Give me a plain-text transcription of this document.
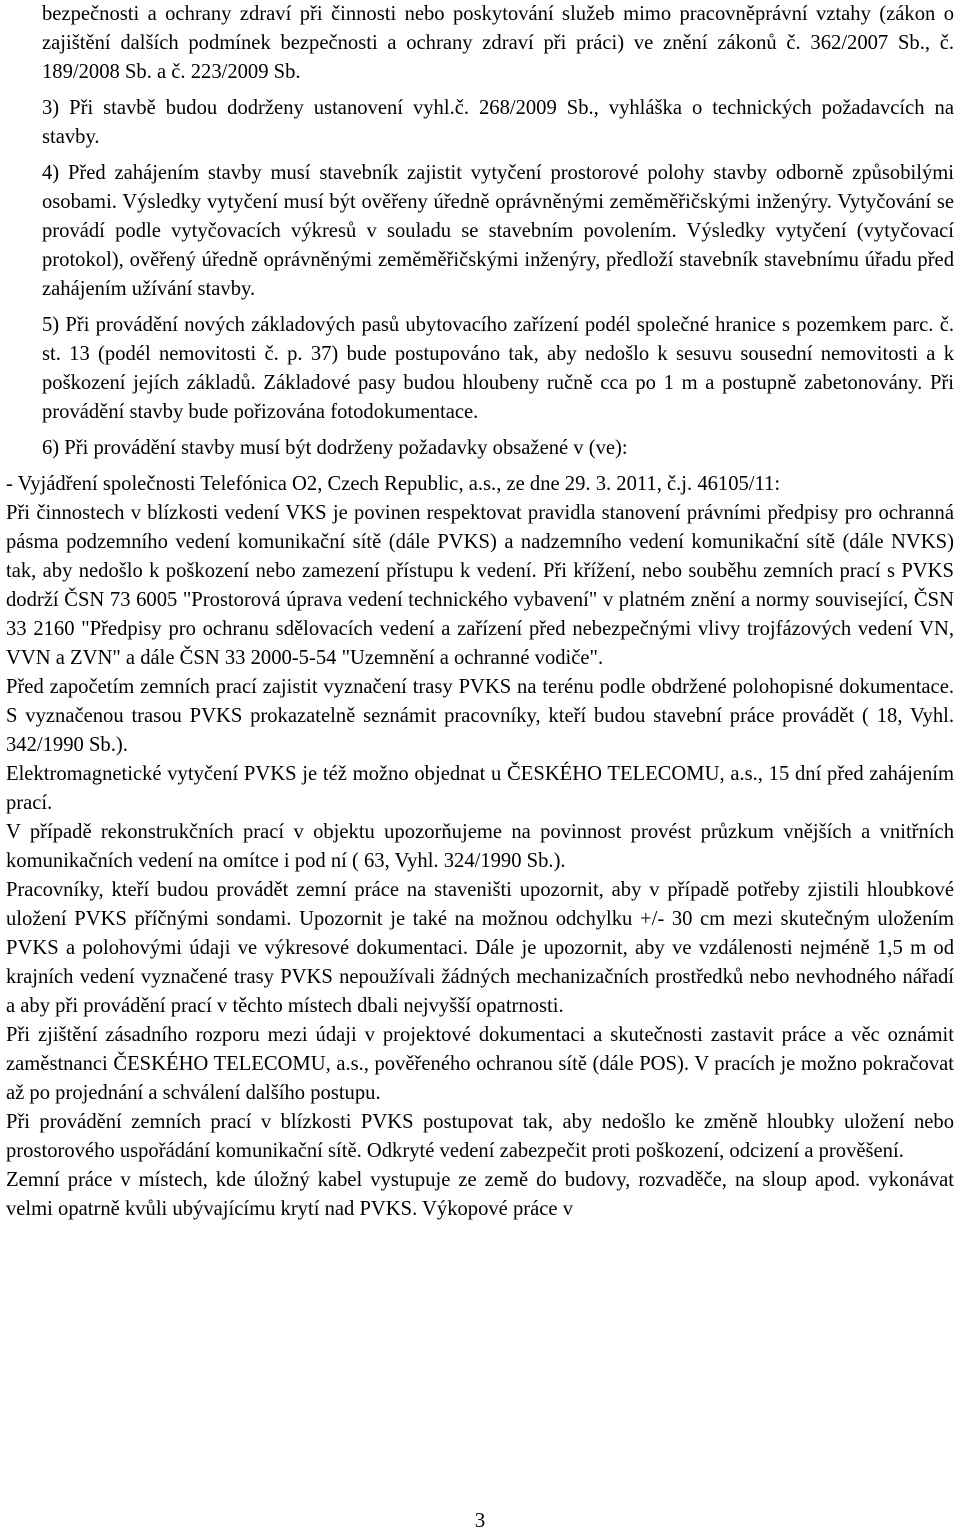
bezpečnosti a ochrany zdraví při činnosti nebo poskytování služeb mimo pracovněprávní vztahy (zákon o zajištění dalších podmínek bezpečnosti a ochrany zdraví při práci) ve znění zákonů č. 362/2007 Sb., č. 189/2008 Sb. a č. 223/2009 Sb.

3) Při stavbě budou dodrženy ustanovení vyhl.č. 268/2009 Sb., vyhláška o technických požadavcích na stavby.

4) Před zahájením stavby musí stavebník zajistit vytyčení prostorové polohy stavby odborně způsobilými osobami. Výsledky vytyčení musí být ověřeny úředně oprávněnými zeměměřičskými inženýry. Vytyčování se provádí podle vytyčovacích výkresů v souladu se stavebním povolením. Výsledky vytyčení (vytyčovací protokol), ověřený úředně oprávněnými zeměměřičskými inženýry, předloží stavebník stavebnímu úřadu před zahájením užívání stavby.

5) Při provádění nových základových pasů ubytovacího zařízení podél společné hranice s pozemkem parc. č. st. 13 (podél nemovitosti č. p. 37) bude postupováno tak, aby nedošlo k sesuvu sousední nemovitosti a k poškození jejích základů. Základové pasy budou hloubeny ručně cca po 1 m a postupně zabetonovány. Při provádění stavby bude pořizována fotodokumentace.

6) Při provádění stavby musí být dodrženy požadavky obsažené v (ve):

- Vyjádření společnosti Telefónica O2, Czech Republic, a.s., ze dne 29. 3. 2011, č.j. 46105/11:

Při činnostech v blízkosti vedení VKS je povinen respektovat pravidla stanovení právními předpisy pro ochranná pásma podzemního vedení komunikační sítě (dále PVKS) a nadzemního vedení komunikační sítě (dále NVKS) tak, aby nedošlo k poškození nebo zamezení přístupu k vedení. Při křížení, nebo souběhu zemních prací s PVKS dodrží ČSN 73 6005 "Prostorová úprava vedení technického vybavení" v platném znění a normy související, ČSN 33 2160 "Předpisy pro ochranu sdělovacích vedení a zařízení před nebezpečnými vlivy trojfázových vedení VN, VVN a ZVN" a dále ČSN 33 2000-5-54 "Uzemnění a ochranné vodiče".

Před započetím zemních prací zajistit vyznačení trasy PVKS na terénu podle obdržené polohopisné dokumentace. S vyznačenou trasou PVKS prokazatelně seznámit pracovníky, kteří budou stavební práce provádět ( 18, Vyhl. 342/1990 Sb.).

Elektromagnetické vytyčení PVKS je též možno objednat u ČESKÉHO TELECOMU, a.s., 15 dní před zahájením prací.

V případě rekonstrukčních prací v objektu upozorňujeme na povinnost provést průzkum vnějších a vnitřních komunikačních vedení na omítce i pod ní ( 63, Vyhl. 324/1990 Sb.).

Pracovníky, kteří budou provádět zemní práce na staveništi upozornit, aby v případě potřeby zjistili hloubkové uložení PVKS příčnými sondami. Upozornit je také na možnou odchylku +/- 30 cm mezi skutečným uložením PVKS a polohovými údaji ve výkresové dokumentaci. Dále je upozornit, aby ve vzdálenosti nejméně 1,5 m od krajních vedení vyznačené trasy PVKS nepoužívali žádných mechanizačních prostředků nebo nevhodného nářadí a aby při provádění prací v těchto místech dbali nejvyšší opatrnosti.

Při zjištění zásadního rozporu mezi údaji v projektové dokumentaci a skutečnosti zastavit práce a věc oznámit zaměstnanci ČESKÉHO TELECOMU, a.s., pověřeného ochranou sítě (dále POS). V pracích je možno pokračovat až po projednání a schválení dalšího postupu.

Při provádění zemních prací v blízkosti PVKS postupovat tak, aby nedošlo ke změně hloubky uložení nebo prostorového uspořádání komunikační sítě. Odkryté vedení zabezpečit proti poškození, odcizení a prověšení.

Zemní práce v místech, kde úložný kabel vystupuje ze země do budovy, rozvaděče, na sloup apod. vykonávat velmi opatrně kvůli ubývajícímu krytí nad PVKS. Výkopové práce v

3
